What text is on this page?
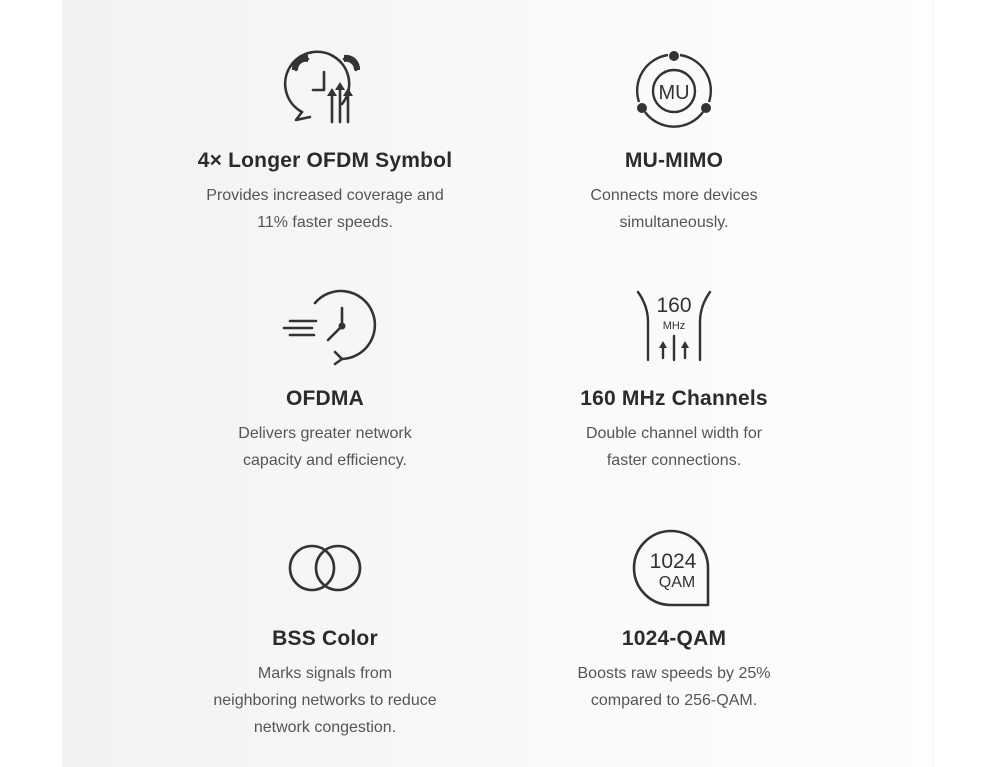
4× Longer OFDM Symbol
Provides increased coverage and
11% faster speeds.
MU
MU-MIMO
Connects more devices
simultaneously.
OFDMA
Delivers greater network
capacity and efficiency.
160
MHz
160 MHz Channels
Double channel width for
faster connections.
BSS Color
Marks signals from
neighboring networks to reduce
network congestion.
1024
QAM
1024-QAM
Boosts raw speeds by 25%
compared to 256-QAM.
